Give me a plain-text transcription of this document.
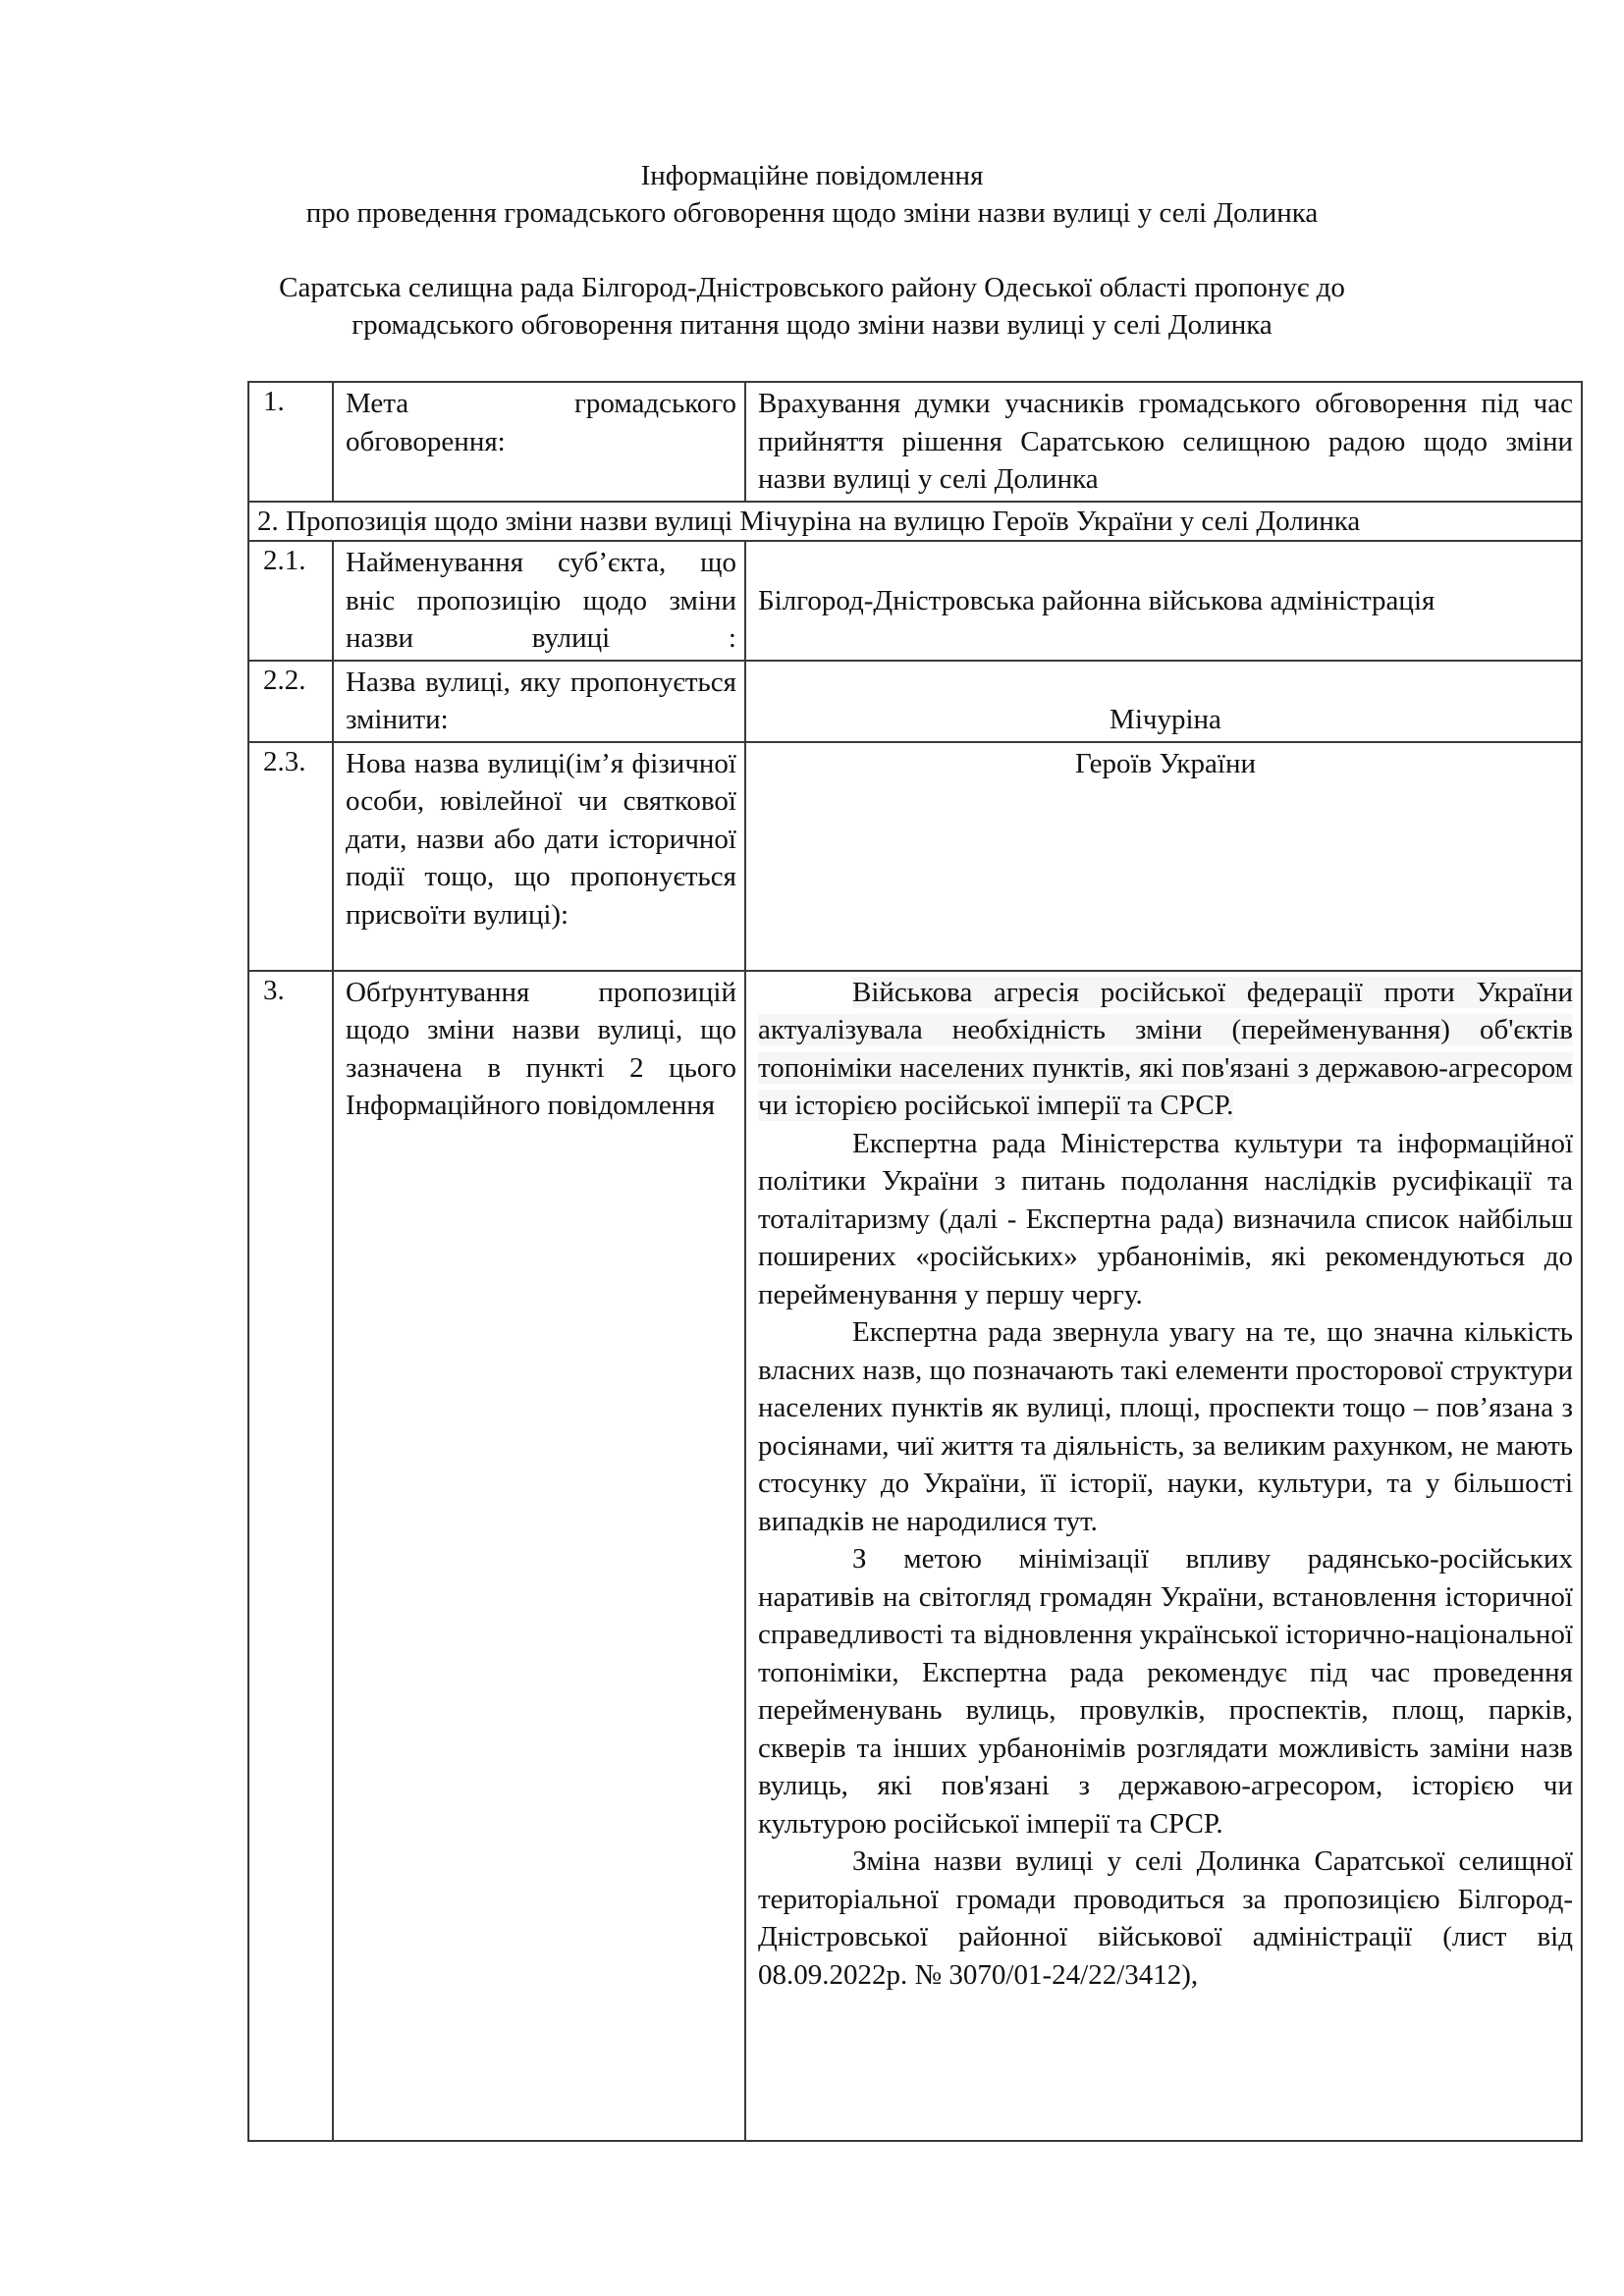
Інформаційне повідомлення
про проведення громадського обговорення щодо зміни назви вулиці у селі Долинка
Саратська селищна рада Білгород-Дністровського району Одеської області пропонує до
громадського обговорення питання щодо зміни назви вулиці у селі Долинка
1.	Мета громадського обговорення:	Врахування думки учасників громадського обговорення під час прийняття рішення Саратською селищною радою щодо зміни назви вулиці у селі Долинка
2. Пропозиція щодо зміни назви вулиці Мічуріна на вулицю Героїв України у селі Долинка		
2.1.	Найменування суб’єкта, що вніс пропозицію щодо зміни назви вулиці :	Білгород-Дністровська районна військова адміністрація
2.2.	Назва вулиці, яку пропонується змінити:	Мічуріна
2.3.	Нова назва вулиці(ім’я фізичної особи, ювілейної чи святкової дати, назви або дати історичної події тощо, що пропонується присвоїти вулиці):	Героїв України
3.	Обґрунтування пропозицій щодо зміни назви вулиці, що зазначена в пункті 2 цього Інформаційного повідомлення	Військова агресія російської федерації проти України актуалізувала необхідність зміни (перейменування) об'єктів топоніміки населених пунктів, які пов'язані з державою-агресором чи історією російської імперії та СРСР.

Експертна рада Міністерства культури та інформаційної політики України з питань подолання наслідків русифікації та тоталітаризму (далі - Експертна рада) визначила список найбільш поширених «російських» урбанонімів, які рекомендуються до перейменування у першу чергу.

Експертна рада звернула увагу на те, що значна кількість власних назв, що позначають такі елементи просторової структури населених пунктів як вулиці, площі, проспекти тощо – пов’язана з росіянами, чиї життя та діяльність, за великим рахунком, не мають стосунку до України, її історії, науки, культури, та у більшості випадків не народилися тут.

З метою мінімізації впливу радянсько-російських наративів на світогляд громадян України, встановлення історичної справедливості та відновлення української історично-національної топоніміки, Експертна рада рекомендує під час проведення перейменувань вулиць, провулків, проспектів, площ, парків, скверів та інших урбанонімів розглядати можливість заміни назв вулиць, які пов'язані з державою-агресором, історією чи культурою російської імперії та СРСР.

Зміна назви вулиці у селі Долинка Саратської селищної територіальної громади проводиться за пропозицією Білгород-Дністровської районної військової адміністрації (лист від 08.09.2022р. № 3070/01-24/22/3412),
